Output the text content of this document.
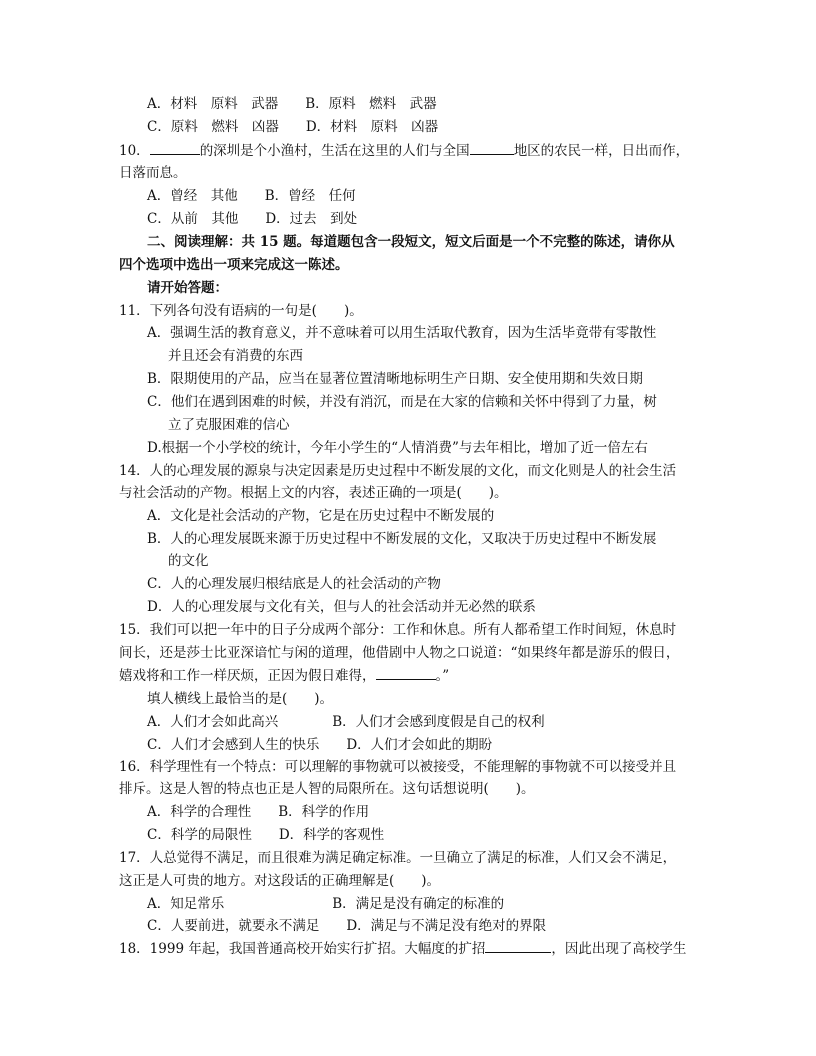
A．材料　原料　武器　　B．原料　燃料　武器
C．原料　燃料　凶器　　D．材料　原料　凶器
10．	的深圳是个小渔村，生活在这里的人们与全国	地区的农民一样，日出而作，
日落而息。
A．曾经　其他　　B．曾经　任何
C．从前　其他　　D．过去　到处
二、阅读理解：共 15 题。每道题包含一段短文，短文后面是一个不完整的陈述，请你从
四个选项中选出一项来完成这一陈述。
请开始答题：
11．下列各句没有语病的一句是(　　)。
A．强调生活的教育意义，并不意味着可以用生活取代教育，因为生活毕竟带有零散性
并且还会有消费的东西
B．限期使用的产品，应当在显著位置清晰地标明生产日期、安全使用期和失效日期
C．他们在遇到困难的时候，并没有消沉，而是在大家的信赖和关怀中得到了力量，树
立了克服困难的信心
D.根据一个小学校的统计，今年小学生的“人情消费”与去年相比，增加了近一倍左右
14．人的心理发展的源泉与决定因素是历史过程中不断发展的文化，而文化则是人的社会生活
与社会活动的产物。根据上文的内容，表述正确的一项是(　　)。
A．文化是社会活动的产物，它是在历史过程中不断发展的
B．人的心理发展既来源于历史过程中不断发展的文化，又取决于历史过程中不断发展
的文化
C．人的心理发展归根结底是人的社会活动的产物
D．人的心理发展与文化有关，但与人的社会活动并无必然的联系
15．我们可以把一年中的日子分成两个部分：工作和休息。所有人都希望工作时间短，休息时
间长，还是莎士比亚深谙忙与闲的道理，他借剧中人物之口说道：“如果终年都是游乐的假日，
嬉戏将和工作一样厌烦，正因为假日难得，	。”
填人横线上最恰当的是(　　)。
A．人们才会如此高兴　　　　B．人们才会感到度假是自己的权利
C．人们才会感到人生的快乐　　D．人们才会如此的期盼
16．科学理性有一个特点：可以理解的事物就可以被接受，不能理解的事物就不可以接受并且
排斥。这是人智的特点也正是人智的局限所在。这句话想说明(　　)。
A．科学的合理性　　B．科学的作用
C．科学的局限性　　D．科学的客观性
17．人总觉得不满足，而且很难为满足确定标准。一旦确立了满足的标准，人们又会不满足，
这正是人可贵的地方。对这段话的正确理解是(　　)。
A．知足常乐　　　　　　　　B．满足是没有确定的标准的
C．人要前进，就要永不满足　　D．满足与不满足没有绝对的界限
18．1999 年起，我国普通高校开始实行扩招。大幅度的扩招	，因此出现了高校学生
